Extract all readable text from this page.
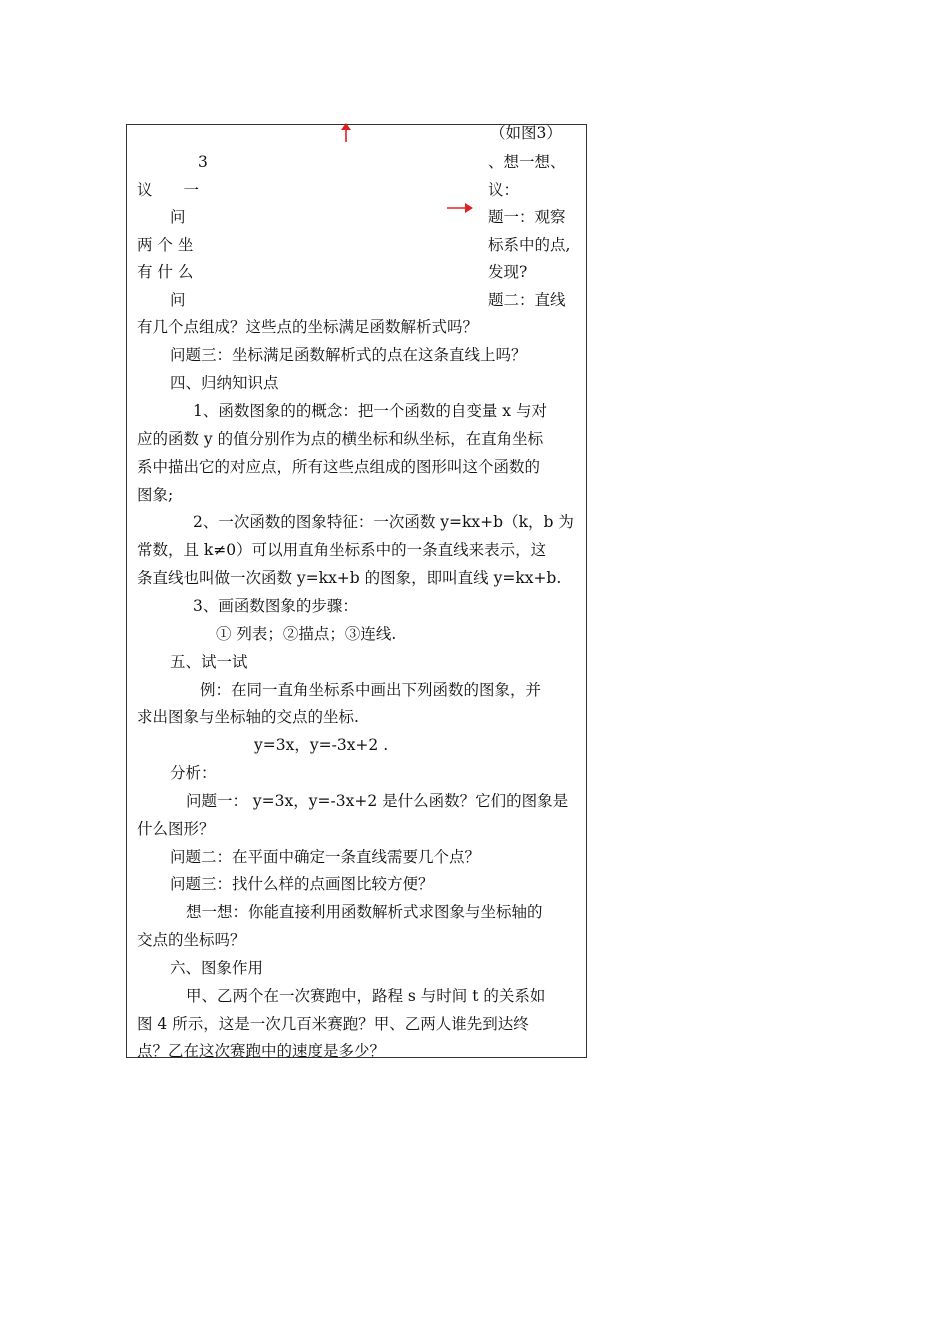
（如图3）
3
议　　一
问
两 个 坐
有 什 么
问
、想一想、
议：
题一：观察
标系中的点,
发现?
题二：直线
有几个点组成？这些点的坐标满足函数解析式吗？
问题三：坐标满足函数解析式的点在这条直线上吗？
四、归纳知识点
1、函数图象的的概念：把一个函数的自变量 x 与对
应的函数 y 的值分别作为点的横坐标和纵坐标，在直角坐标
系中描出它的对应点，所有这些点组成的图形叫这个函数的
图象;
2、一次函数的图象特征：一次函数 y=kx+b（k，b 为
常数，且 k≠0）可以用直角坐标系中的一条直线来表示，这
条直线也叫做一次函数 y=kx+b 的图象，即叫直线 y=kx+b.
3、画函数图象的步骤：
① 列表；②描点；③连线.
五、试一试
例：在同一直角坐标系中画出下列函数的图象，并
求出图象与坐标轴的交点的坐标.
y=3x，y=-3x+2 .
分析：
问题一： y=3x，y=-3x+2 是什么函数？它们的图象是
什么图形？
问题二：在平面中确定一条直线需要几个点？
问题三：找什么样的点画图比较方便？
想一想：你能直接利用函数解析式求图象与坐标轴的
交点的坐标吗？
六、图象作用
甲、乙两个在一次赛跑中，路程 s 与时间 t 的关系如
图 4 所示，这是一次几百米赛跑？甲、乙两人谁先到达终
点？乙在这次赛跑中的速度是多少？
